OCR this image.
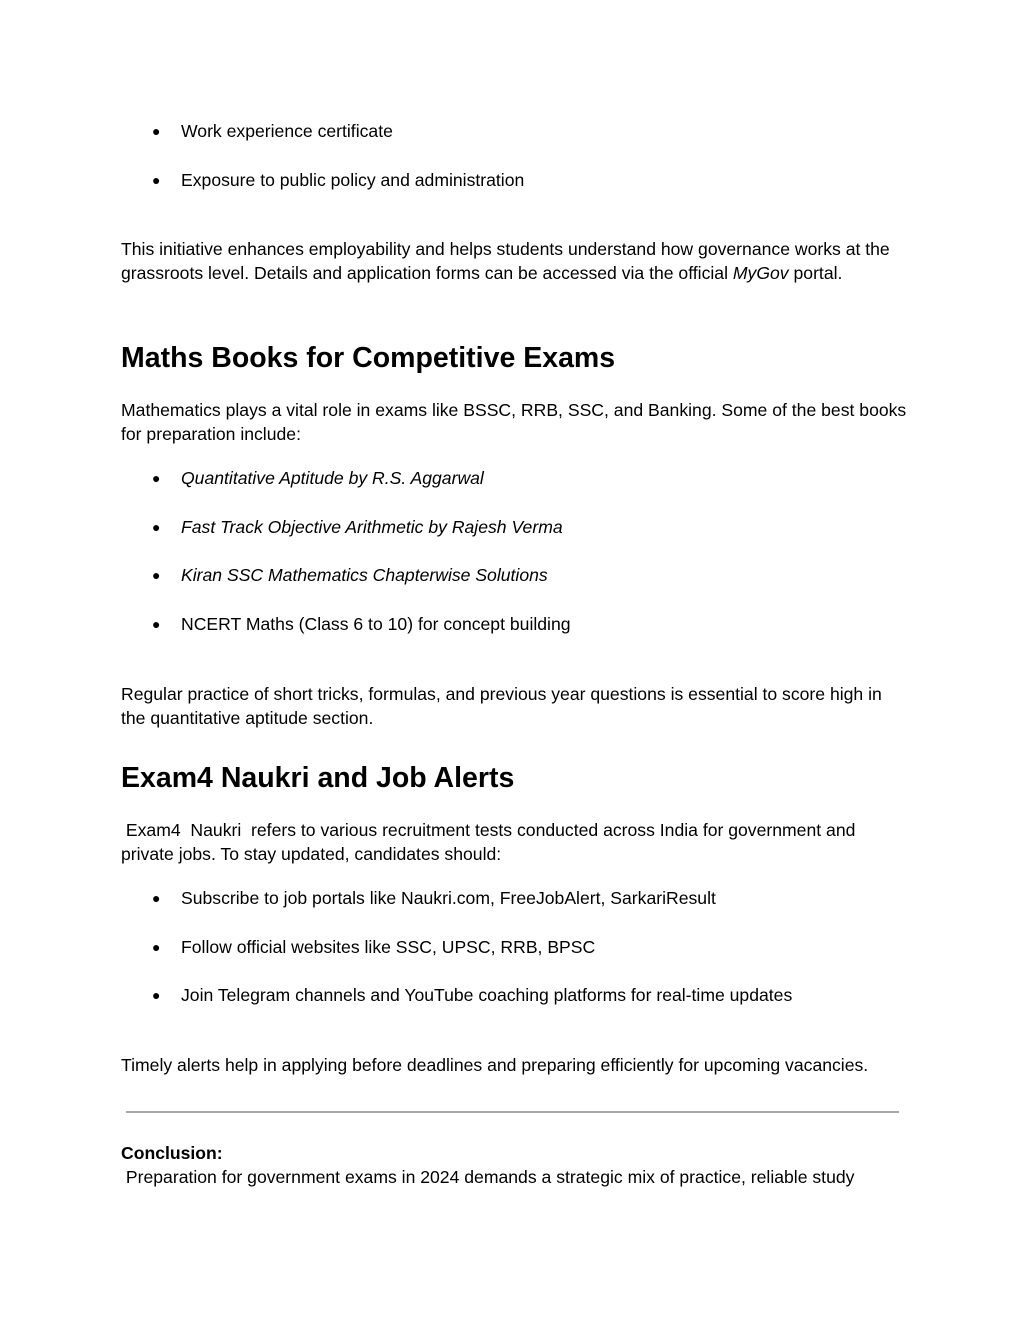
● Work experience certificate
● Exposure to public policy and administration

This initiative enhances employability and helps students understand how governance works at the grassroots level. Details and application forms can be accessed via the official MyGov portal.

Maths Books for Competitive Exams

Mathematics plays a vital role in exams like BSSC, RRB, SSC, and Banking. Some of the best books for preparation include:

● Quantitative Aptitude by R.S. Aggarwal
● Fast Track Objective Arithmetic by Rajesh Verma
● Kiran SSC Mathematics Chapterwise Solutions
● NCERT Maths (Class 6 to 10) for concept building

Regular practice of short tricks, formulas, and previous year questions is essential to score high in the quantitative aptitude section.

Exam4 Naukri and Job Alerts

Exam4  Naukri  refers to various recruitment tests conducted across India for government and private jobs. To stay updated, candidates should:

● Subscribe to job portals like Naukri.com, FreeJobAlert, SarkariResult
● Follow official websites like SSC, UPSC, RRB, BPSC
● Join Telegram channels and YouTube coaching platforms for real-time updates

Timely alerts help in applying before deadlines and preparing efficiently for upcoming vacancies.

Conclusion:

Preparation for government exams in 2024 demands a strategic mix of practice, reliable study
